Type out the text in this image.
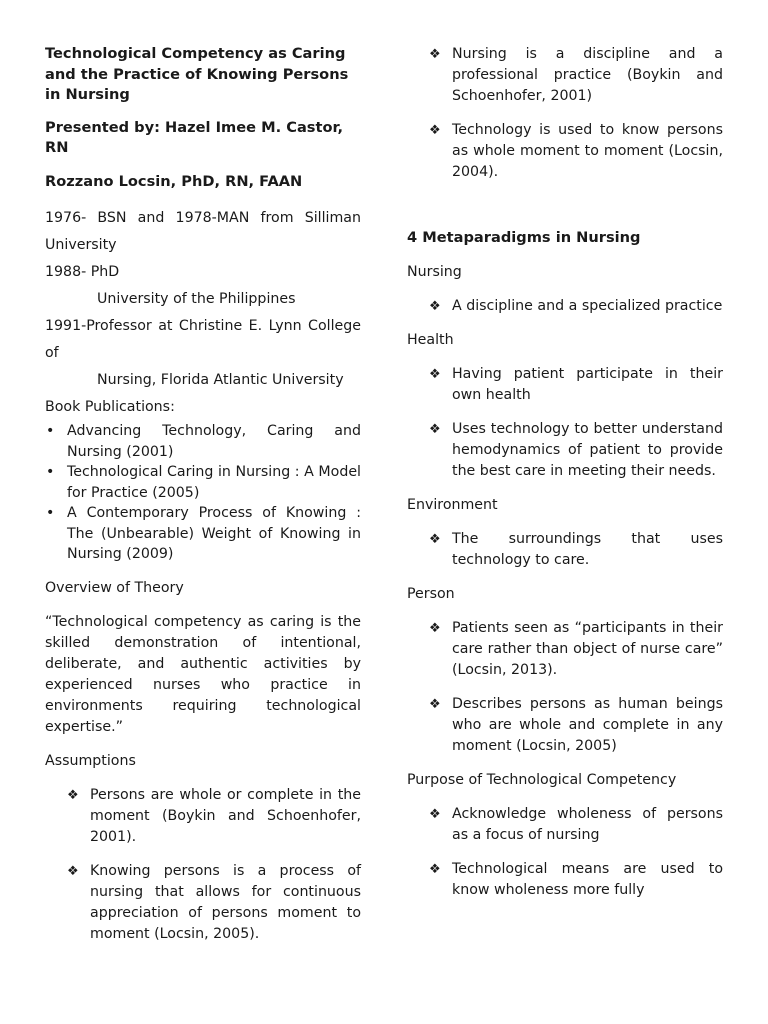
Technological Competency as Caring and the Practice of Knowing Persons in Nursing
Presented by: Hazel Imee M. Castor, RN
Rozzano Locsin, PhD, RN, FAAN

1976- BSN and 1978-MAN from Silliman University

1988- PhD

University of the Philippines

1991-Professor at Christine E. Lynn College of

Nursing, Florida Atlantic University

Book Publications:

• Advancing Technology, Caring and Nursing (2001)
• Technological Caring in Nursing : A Model for Practice (2005)
• A Contemporary Process of Knowing : The (Unbearable) Weight of Knowing in Nursing (2009)

Overview of Theory

“Technological competency as caring is the skilled demonstration of intentional, deliberate, and authentic activities by experienced nurses who practice in environments requiring technological expertise.”

Assumptions

❖ Persons are whole or complete in the moment (Boykin and Schoenhofer, 2001).
❖ Knowing persons is a process of nursing that allows for continuous appreciation of persons moment to moment (Locsin, 2005).
❖ Nursing is a discipline and a professional practice (Boykin and Schoenhofer, 2001)
❖ Technology is used to know persons as whole moment to moment (Locsin, 2004).
4 Metaparadigms in Nursing

Nursing

❖ A discipline and a specialized practice

Health

❖ Having patient participate in their own health
❖ Uses technology to better understand hemodynamics of patient to provide the best care in meeting their needs.

Environment

❖ The surroundings that uses technology to care.

Person

❖ Patients seen as “participants in their care rather than object of nurse care” (Locsin, 2013).
❖ Describes persons as human beings who are whole and complete in any moment (Locsin, 2005)

Purpose of Technological Competency

❖ Acknowledge wholeness of persons as a focus of nursing
❖ Technological means are used to know wholeness more fully
